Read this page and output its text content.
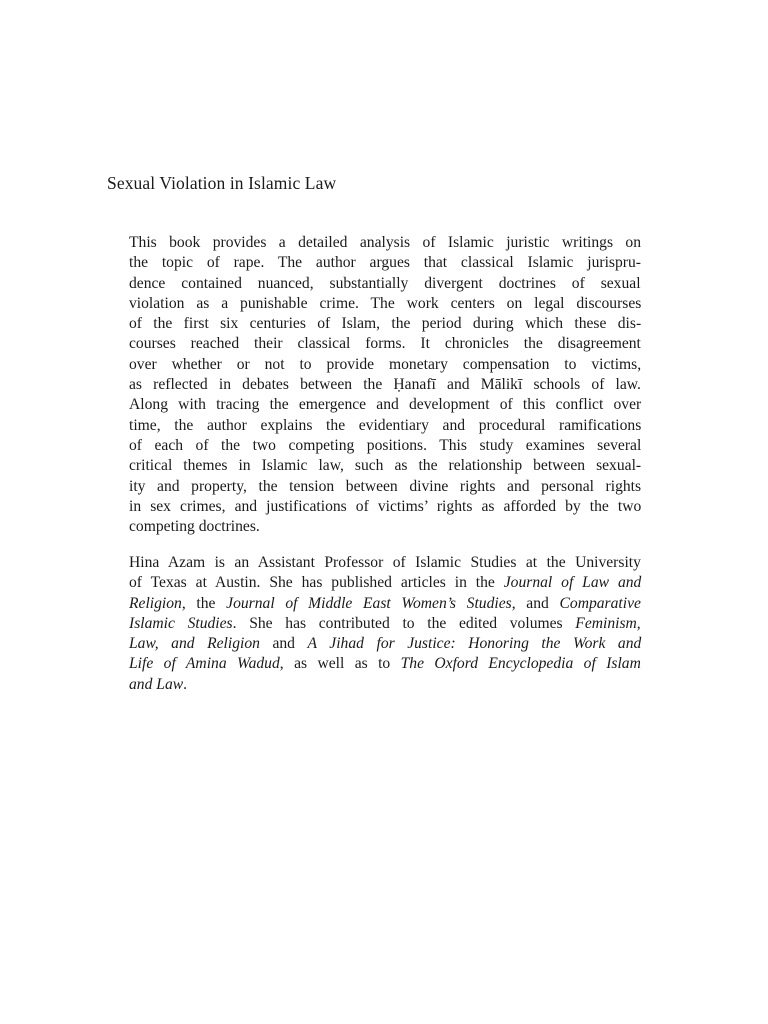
Sexual Violation in Islamic Law
This book provides a detailed analysis of Islamic juristic writings on
the topic of rape. The author argues that classical Islamic jurispru-
dence contained nuanced, substantially divergent doctrines of sexual
violation as a punishable crime. The work centers on legal discourses
of the first six centuries of Islam, the period during which these dis-
courses reached their classical forms. It chronicles the disagreement
over whether or not to provide monetary compensation to victims,
as reflected in debates between the Ḥanafī and Mālikī schools of law.
Along with tracing the emergence and development of this conflict over
time, the author explains the evidentiary and procedural ramifications
of each of the two competing positions. This study examines several
critical themes in Islamic law, such as the relationship between sexual-
ity and property, the tension between divine rights and personal rights
in sex crimes, and justifications of victims’ rights as afforded by the two
competing doctrines.
Hina Azam is an Assistant Professor of Islamic Studies at the University
of Texas at Austin. She has published articles in the Journal of Law and
Religion, the Journal of Middle East Women’s Studies, and Comparative
Islamic Studies. She has contributed to the edited volumes Feminism,
Law, and Religion and A Jihad for Justice: Honoring the Work and
Life of Amina Wadud, as well as to The Oxford Encyclopedia of Islam
and Law.
